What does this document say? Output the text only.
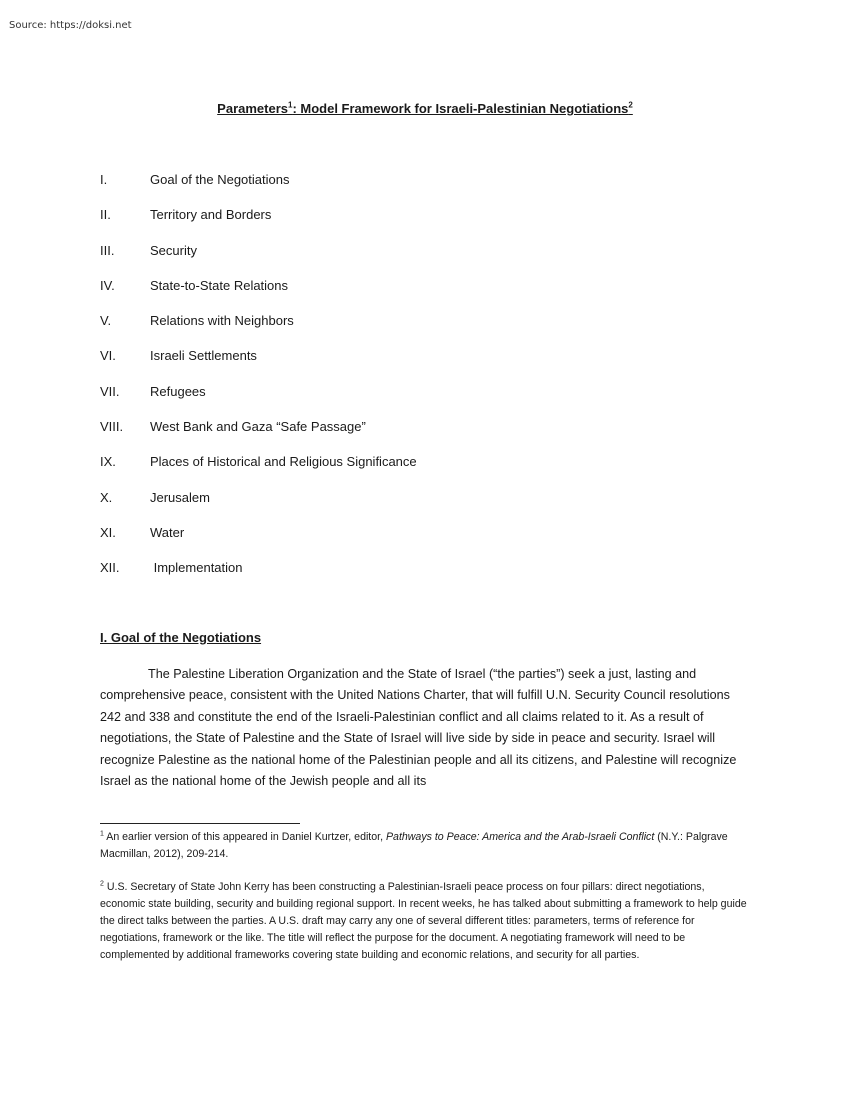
Source: https://doksi.net
Parameters$^1$: Model Framework for Israeli-Palestinian Negotiations$^2$
I.	Goal of the Negotiations
II.	Territory and Borders
III.	Security
IV.	State-to-State Relations
V.	Relations with Neighbors
VI.	Israeli Settlements
VII.	Refugees
VIII.	West Bank and Gaza “Safe Passage”
IX.	Places of Historical and Religious Significance
X.	Jerusalem
XI.	Water
XII.	Implementation
I. Goal of the Negotiations

The Palestine Liberation Organization and the State of Israel (“the parties”) seek a just, lasting and comprehensive peace, consistent with the United Nations Charter, that will fulfill U.N. Security Council resolutions 242 and 338 and constitute the end of the Israeli-Palestinian conflict and all claims related to it. As a result of negotiations, the State of Palestine and the State of Israel will live side by side in peace and security. Israel will recognize Palestine as the national home of the Palestinian people and all its citizens, and Palestine will recognize Israel as the national home of the Jewish people and all its

$^1$ An earlier version of this appeared in Daniel Kurtzer, editor, Pathways to Peace: America and the Arab-Israeli Conflict (N.Y.: Palgrave Macmillan, 2012), 209-214.

$^2$ U.S. Secretary of State John Kerry has been constructing a Palestinian-Israeli peace process on four pillars: direct negotiations, economic state building, security and building regional support. In recent weeks, he has talked about submitting a framework to help guide the direct talks between the parties. A U.S. draft may carry any one of several different titles: parameters, terms of reference for negotiations, framework or the like. The title will reflect the purpose for the document. A negotiating framework will need to be complemented by additional frameworks covering state building and economic relations, and security for all parties.
